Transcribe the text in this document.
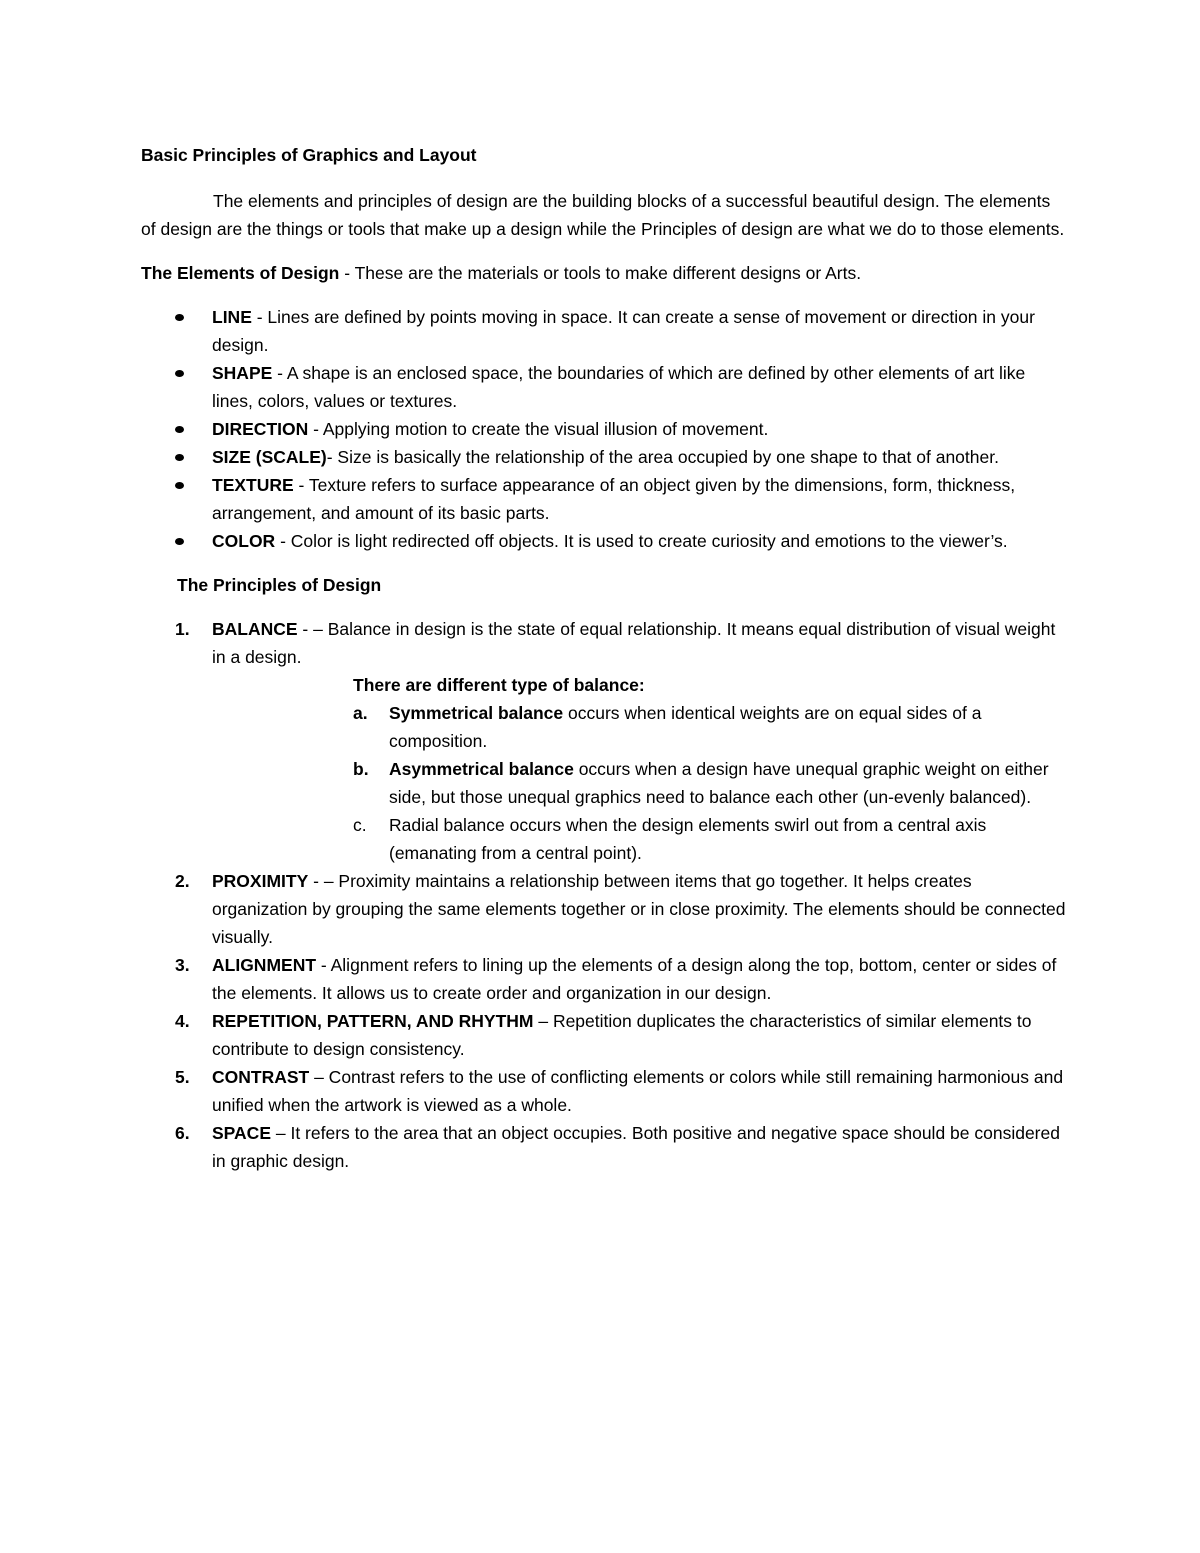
Basic Principles of Graphics and Layout

The elements and principles of design are the building blocks of a successful beautiful design. The elements of design are the things or tools that make up a design while the Principles of design are what we do to those elements.

The Elements of Design - These are the materials or tools to make different designs or Arts.

LINE - Lines are defined by points moving in space. It can create a sense of movement or direction in your design.
SHAPE - A shape is an enclosed space, the boundaries of which are defined by other elements of art like lines, colors, values or textures.
DIRECTION - Applying motion to create the visual illusion of movement.
SIZE (SCALE)- Size is basically the relationship of the area occupied by one shape to that of another.
TEXTURE - Texture refers to surface appearance of an object given by the dimensions, form, thickness, arrangement, and amount of its basic parts.
COLOR - Color is light redirected off objects. It is used to create curiosity and emotions to the viewer’s.

The Principles of Design

1. BALANCE - – Balance in design is the state of equal relationship. It means equal distribution of visual weight in a design.
There are different type of balance:
a. Symmetrical balance occurs when identical weights are on equal sides of a composition.
b. Asymmetrical balance occurs when a design have unequal graphic weight on either side, but those unequal graphics need to balance each other (un-evenly balanced).
c. Radial balance occurs when the design elements swirl out from a central axis (emanating from a central point).
2. PROXIMITY - – Proximity maintains a relationship between items that go together. It helps creates organization by grouping the same elements together or in close proximity. The elements should be connected visually.
3. ALIGNMENT - Alignment refers to lining up the elements of a design along the top, bottom, center or sides of the elements. It allows us to create order and organization in our design.
4. REPETITION, PATTERN, AND RHYTHM – Repetition duplicates the characteristics of similar elements to contribute to design consistency.
5. CONTRAST – Contrast refers to the use of conflicting elements or colors while still remaining harmonious and unified when the artwork is viewed as a whole.
6. SPACE – It refers to the area that an object occupies. Both positive and negative space should be considered in graphic design.
